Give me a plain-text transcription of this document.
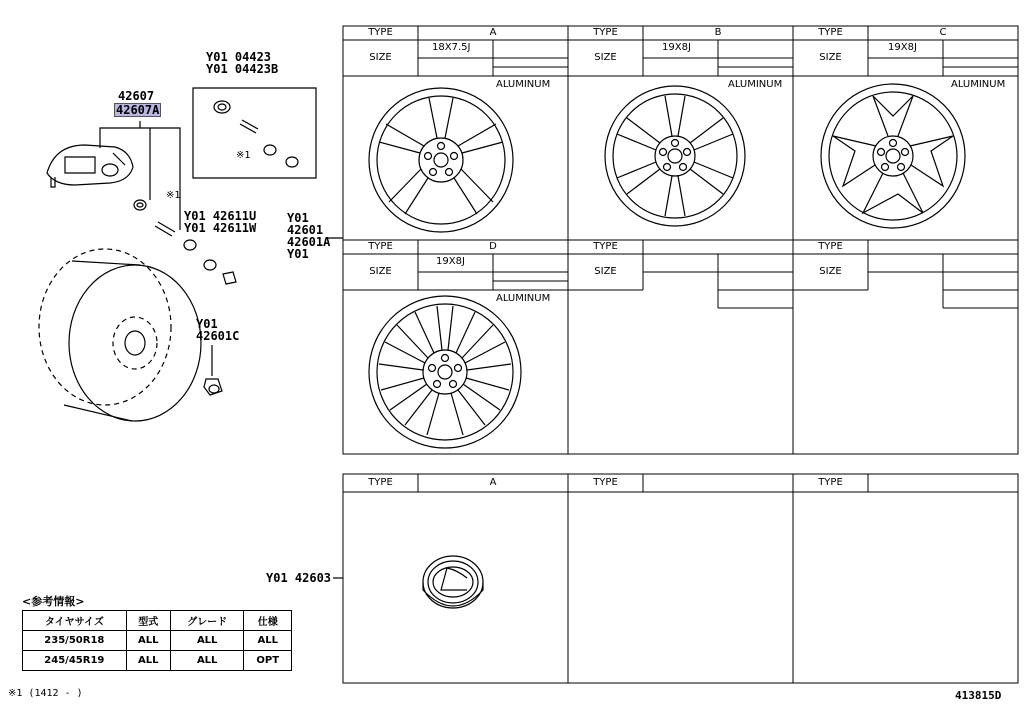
Y01 04423
Y01 04423B
42607
42607A
※1
※1
Y01 42611U
Y01 42611W
Y01
42601
42601A
Y01
Y01
42601C
Y01 42603
413815D
※1 (1412 - )
TYPE	A
SIZE
18X7.5J
ALUMINUM
TYPE	B
SIZE
19X8J
ALUMINUM
TYPE	C
SIZE
19X8J
ALUMINUM
TYPE	D
SIZE
19X8J
ALUMINUM
TYPE
SIZE
TYPE
SIZE
TYPE	A	TYPE	TYPE
<参考情報>
タイヤサイズ	型式	グレード	仕様
235/50R18	ALL	ALL	ALL
245/45R19	ALL	ALL	OPT
